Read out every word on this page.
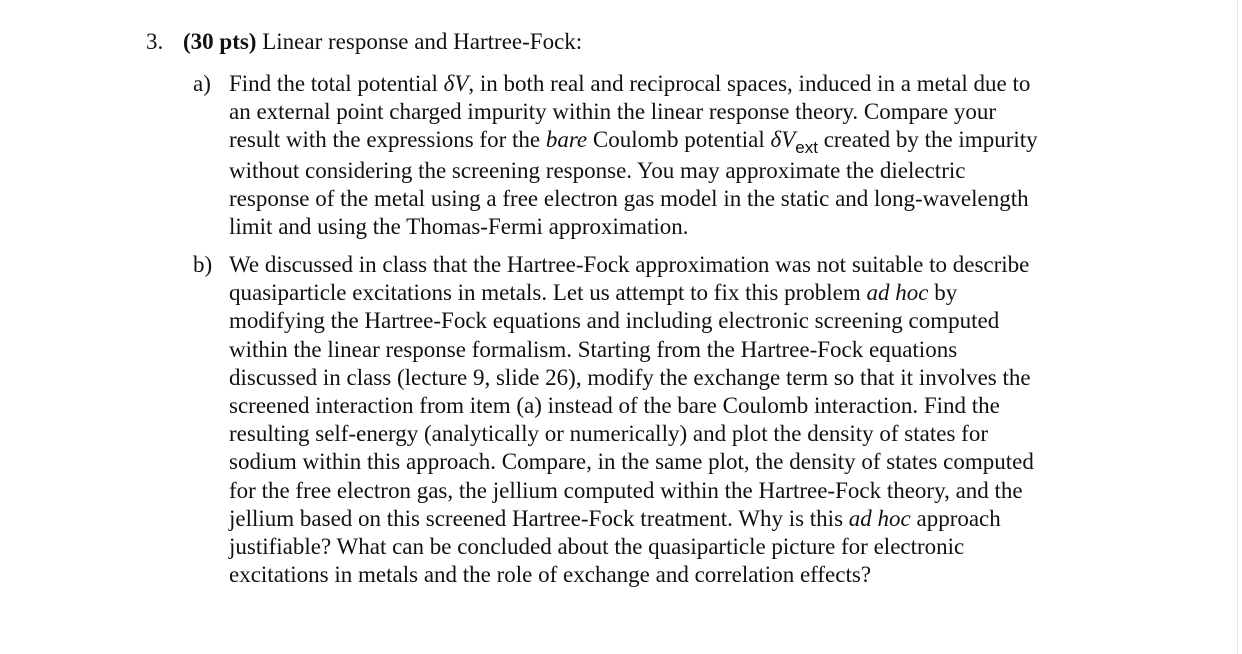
3. (30 pts) Linear response and Hartree-Fock:
a) Find the total potential δV, in both real and reciprocal spaces, induced in a metal due to
an external point charged impurity within the linear response theory. Compare your
result with the expressions for the bare Coulomb potential $\delta V_{ext}$ created by the impurity
without considering the screening response. You may approximate the dielectric
response of the metal using a free electron gas model in the static and long-wavelength
limit and using the Thomas-Fermi approximation.
b) We discussed in class that the Hartree-Fock approximation was not suitable to describe
quasiparticle excitations in metals. Let us attempt to fix this problem ad hoc by
modifying the Hartree-Fock equations and including electronic screening computed
within the linear response formalism. Starting from the Hartree-Fock equations
discussed in class (lecture 9, slide 26), modify the exchange term so that it involves the
screened interaction from item (a) instead of the bare Coulomb interaction. Find the
resulting self-energy (analytically or numerically) and plot the density of states for
sodium within this approach. Compare, in the same plot, the density of states computed
for the free electron gas, the jellium computed within the Hartree-Fock theory, and the
jellium based on this screened Hartree-Fock treatment. Why is this ad hoc approach
justifiable? What can be concluded about the quasiparticle picture for electronic
excitations in metals and the role of exchange and correlation effects?
